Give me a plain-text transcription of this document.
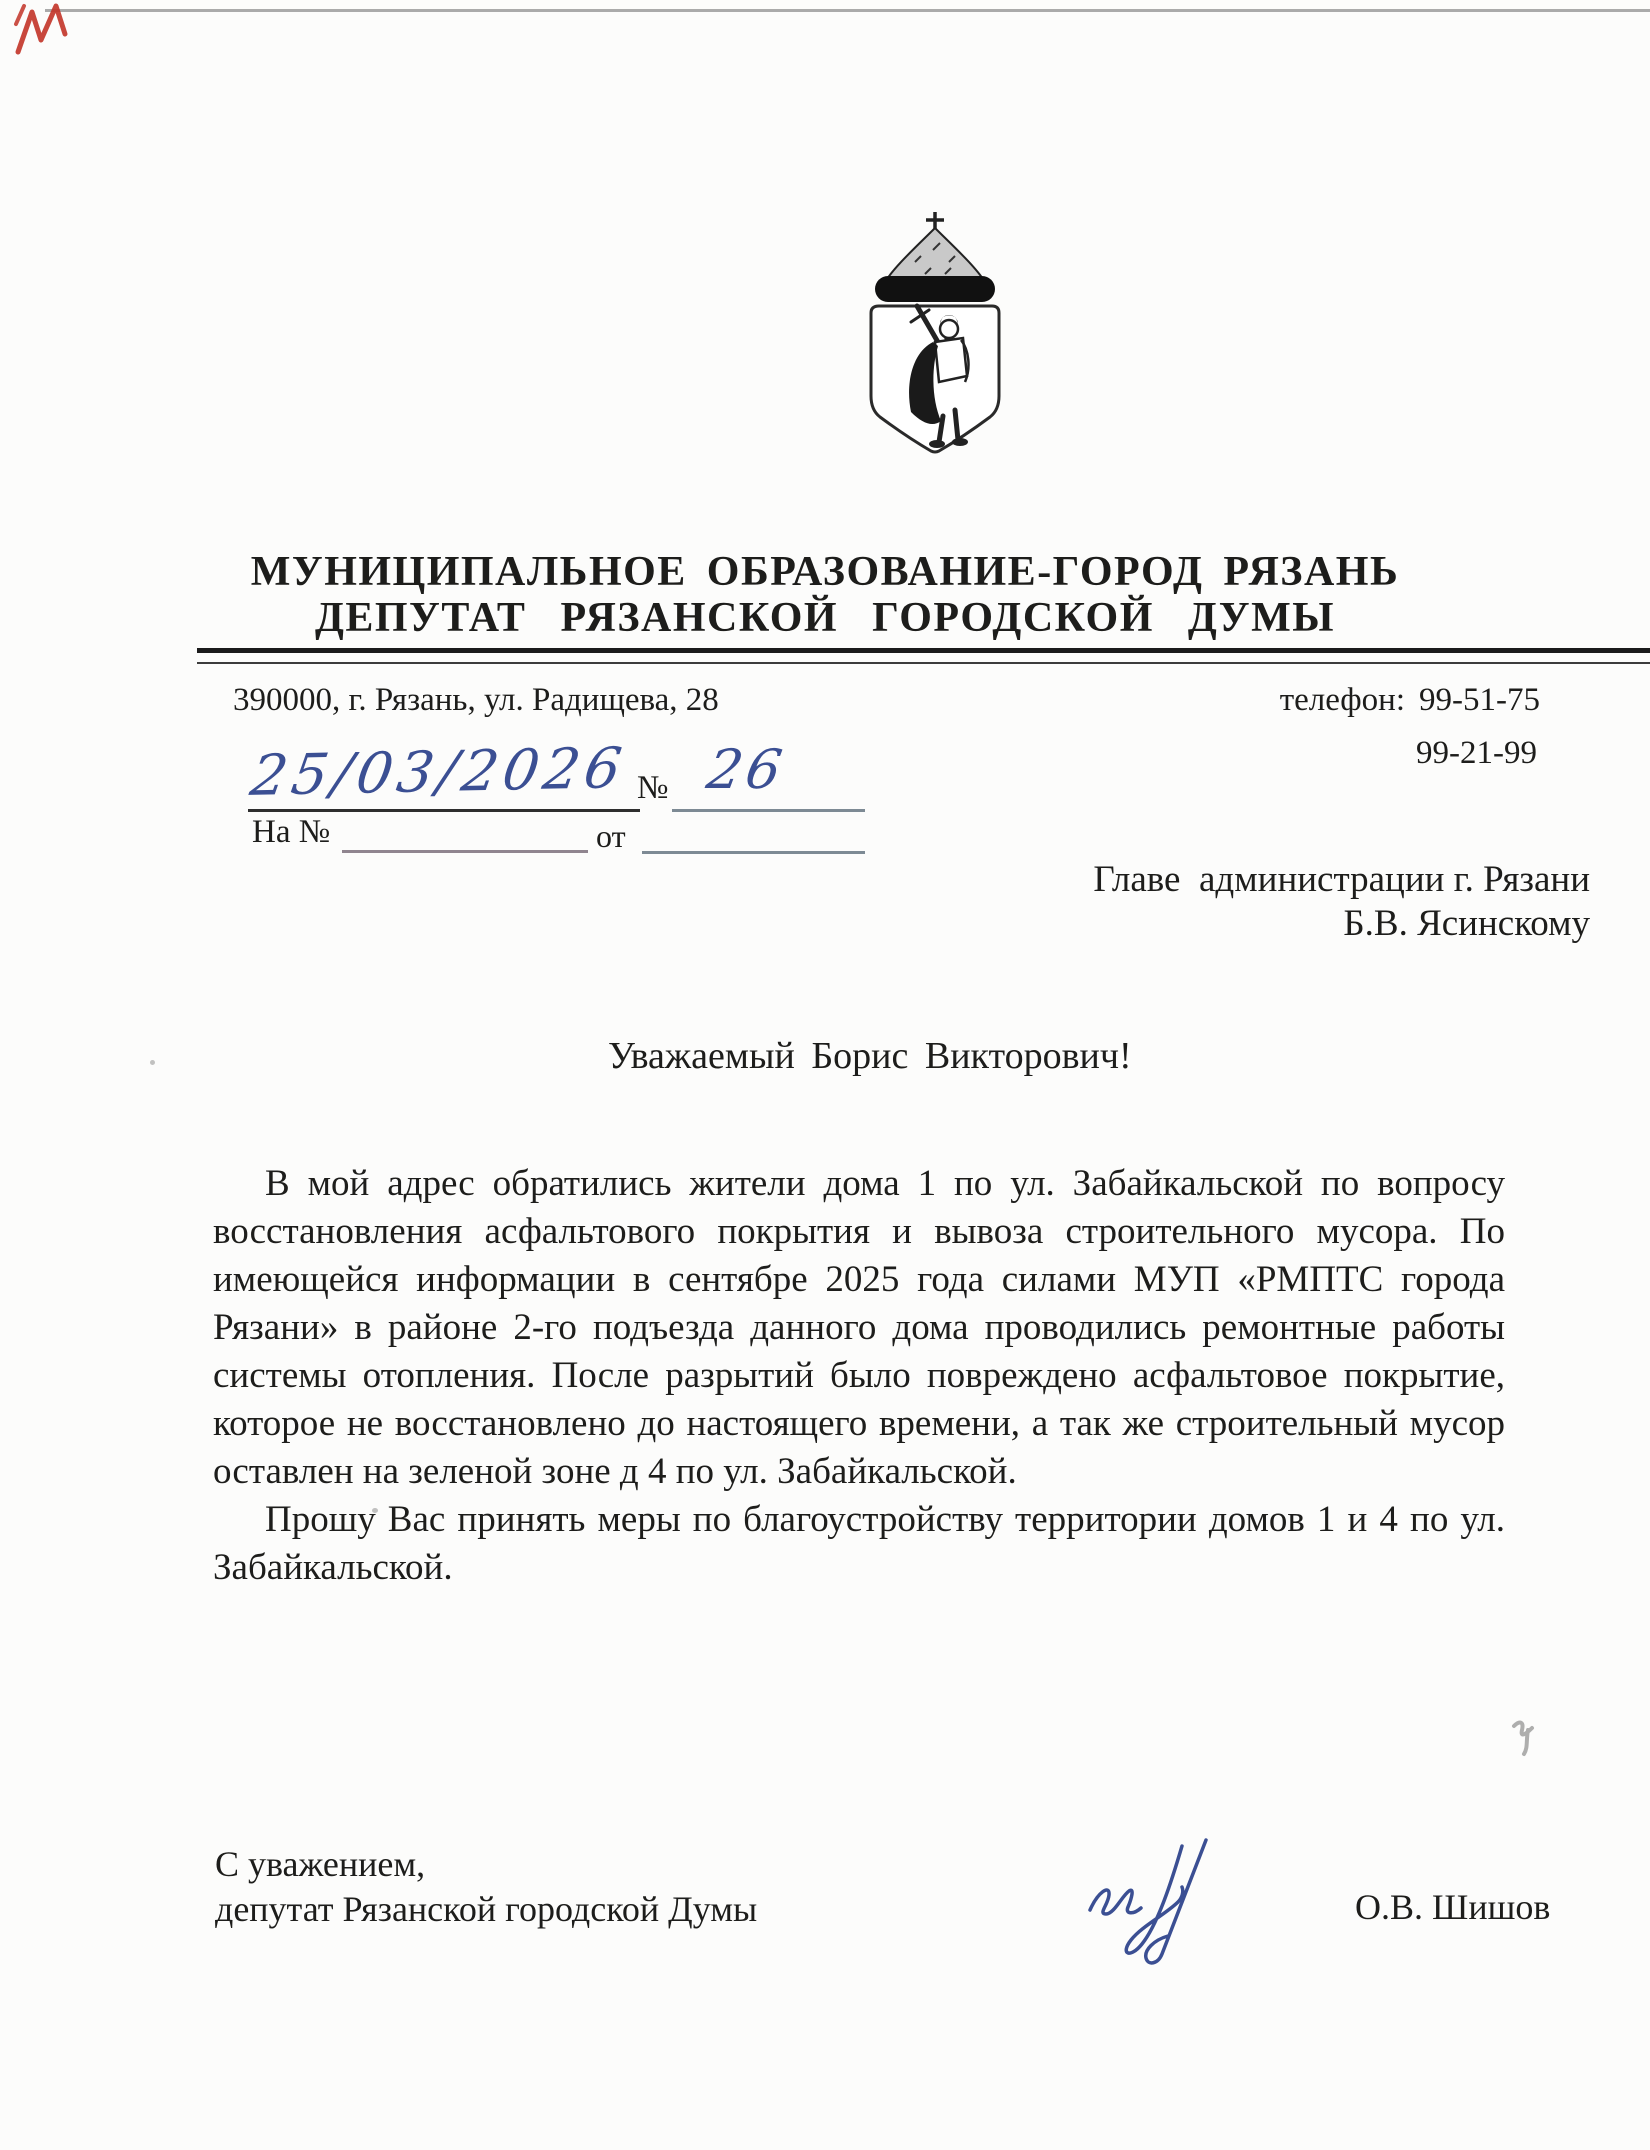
МУНИЦИПАЛЬНОЕ ОБРАЗОВАНИЕ-ГОРОД РЯЗАНЬ
ДЕПУТАТ РЯЗАНСКОЙ ГОРОДСКОЙ ДУМЫ
390000, г. Рязань, ул. Радищева, 28	телефон: 99-51-75
99-21-99
25/03/2026 № 26
На №	от
Главе  администрации г. Рязани
Б.В. Ясинскому
Уважаемый Борис Викторович!

В мой адрес обратились жители дома 1 по ул. Забайкальской по вопросу восстановления асфальтового покрытия и вывоза строительного мусора. По имеющейся информации в сентябре 2025 года силами МУП «РМПТС города Рязани» в районе 2-го подъезда данного дома проводились ремонтные работы системы отопления. После разрытий было повреждено асфальтовое покрытие, которое не восстановлено до настоящего времени, а так же строительный мусор оставлен на зеленой зоне д 4 по ул. Забайкальской.

Прошу Вас принять меры по благоустройству территории домов 1 и 4 по ул. Забайкальской.

С уважением,
депутат Рязанской городской Думы	О.В. Шишов
